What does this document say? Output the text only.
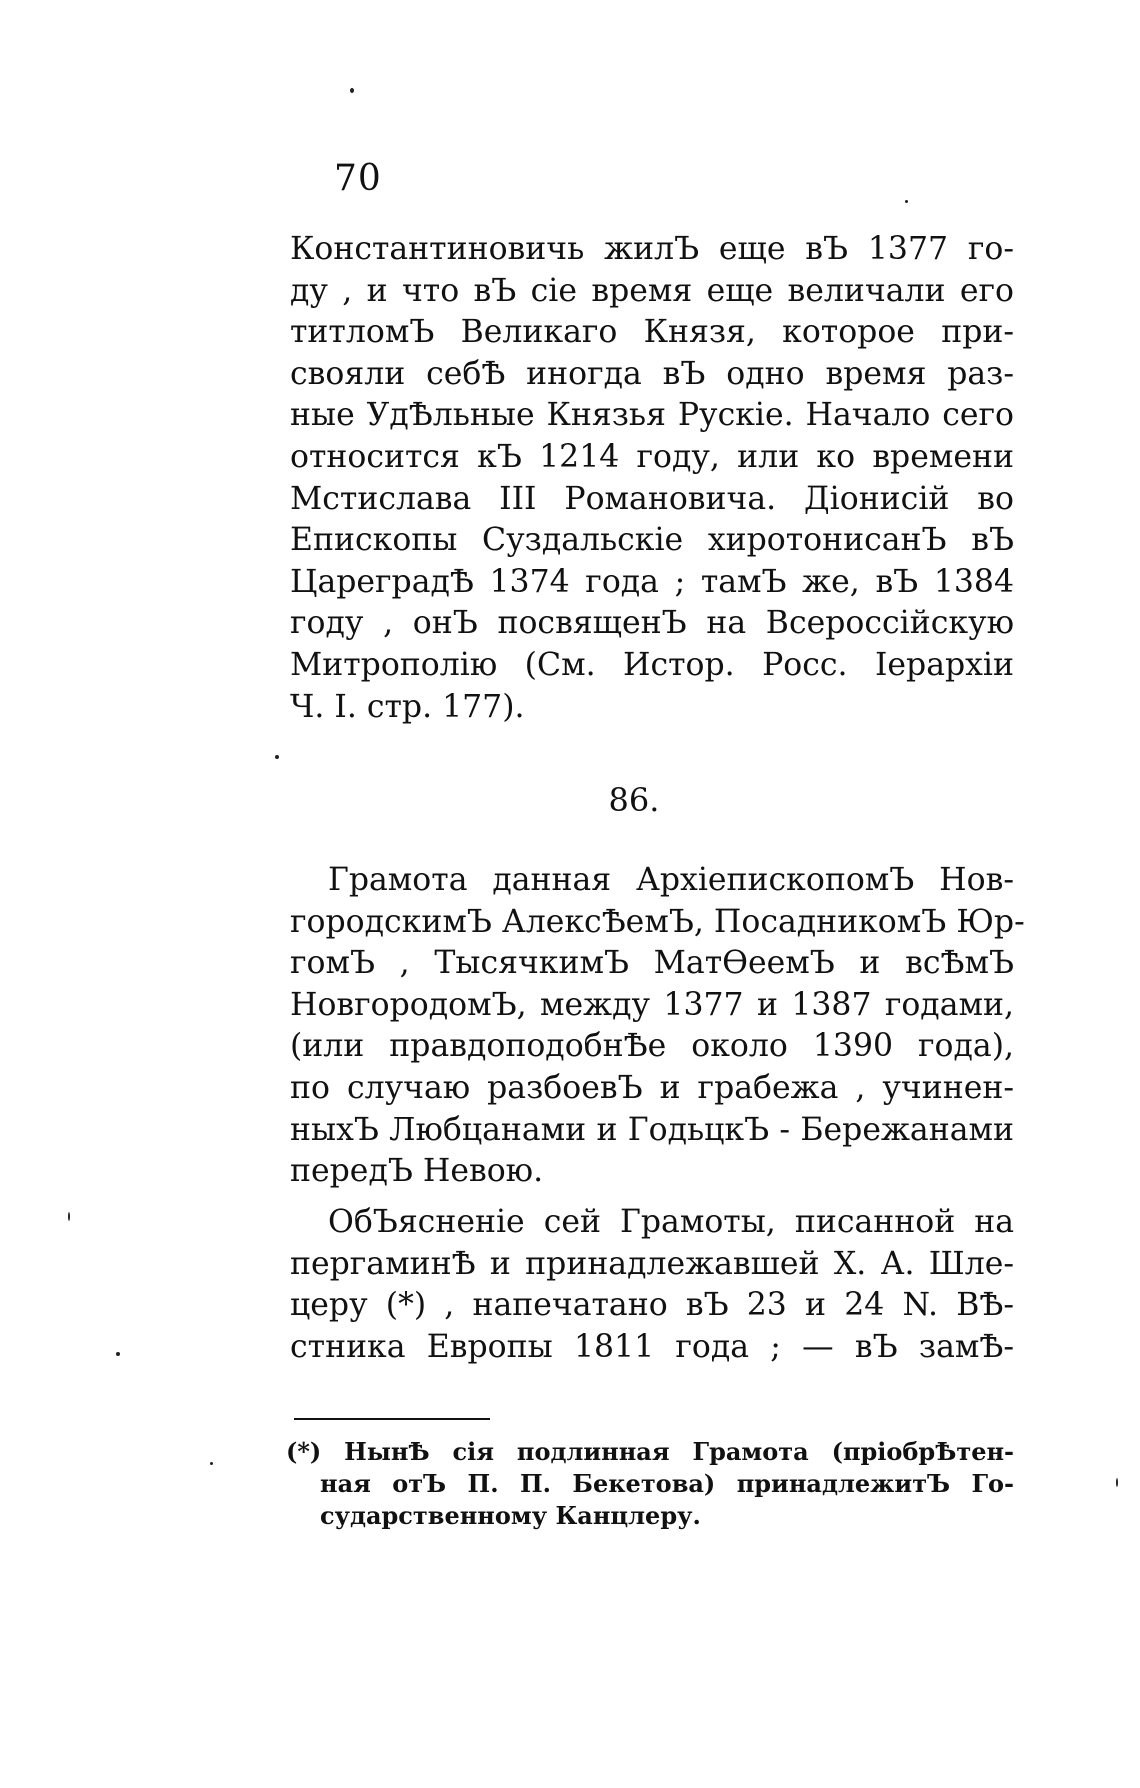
70
Константиновичь жилЪ еще вЪ 1377 го-
ду , и что вЪ сіе время еще величали его
титломЪ Великаго Князя, которое при-
свояли себѢ иногда вЪ одно время раз-
ные УдѢльные Князья Рускіе. Начало сего
относится кЪ 1214 году, или ко времени
Мстислава III Романовича. Діонисій во
Епископы Суздальскіе хиротонисанЪ вЪ
ЦареградѢ 1374 года ; тамЪ же, вЪ 1384
году , онЪ посвященЪ на Всероссійскую
Митрополію (См. Истор. Росс. Іерархіи
Ч. I. стр. 177).
86.
Грамота данная АрхіепископомЪ Нов-
городскимЪ АлексѢемЪ, ПосадникомЪ Юр-
гомЪ , ТысячкимЪ МатѲеемЪ и всѢмЪ
НовгородомЪ, между 1377 и 1387 годами,
(или правдоподобнѢе около 1390 года),
по случаю разбоевЪ и грабежа , учинен-
ныхЪ Любцанами и ГодьцкЪ - Бережанами
передЪ Невою.
ОбЪясненіе сей Грамоты, писанной на
пергаминѢ и принадлежавшей Х. А. Шле-
церу (*) , напечатано вЪ 23 и 24 N. ВѢ-
стника Европы 1811 года ; — вЪ замѢ-
(*) НынѢ сія подлинная Грамота (пріобрѢтен-
ная отЪ П. П. Бекетова) принадлежитЪ Го-
сударственному Канцлеру.
